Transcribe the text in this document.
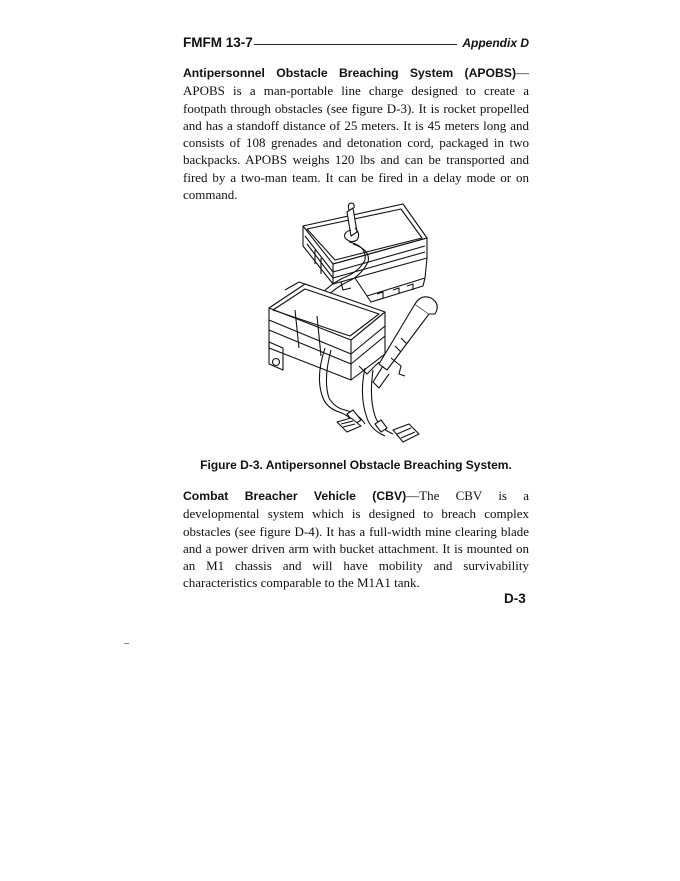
FMFM 13-7	Appendix D

Antipersonnel Obstacle Breaching System (APOBS)—APOBS is a man-portable line charge designed to create a footpath through obstacles (see figure D-3). It is rocket propelled and has a standoff distance of 25 meters. It is 45 meters long and consists of 108 grenades and detonation cord, packaged in two backpacks. APOBS weighs 120 lbs and can be transported and fired by a two-man team. It can be fired in a delay mode or on command.

Figure D-3. Antipersonnel Obstacle Breaching System.

Combat Breacher Vehicle (CBV)—The CBV is a developmental system which is designed to breach complex obstacles (see figure D-4). It has a full-width mine clearing blade and a power driven arm with bucket attachment. It is mounted on an M1 chassis and will have mobility and survivability characteristics comparable to the M1A1 tank.

D-3
